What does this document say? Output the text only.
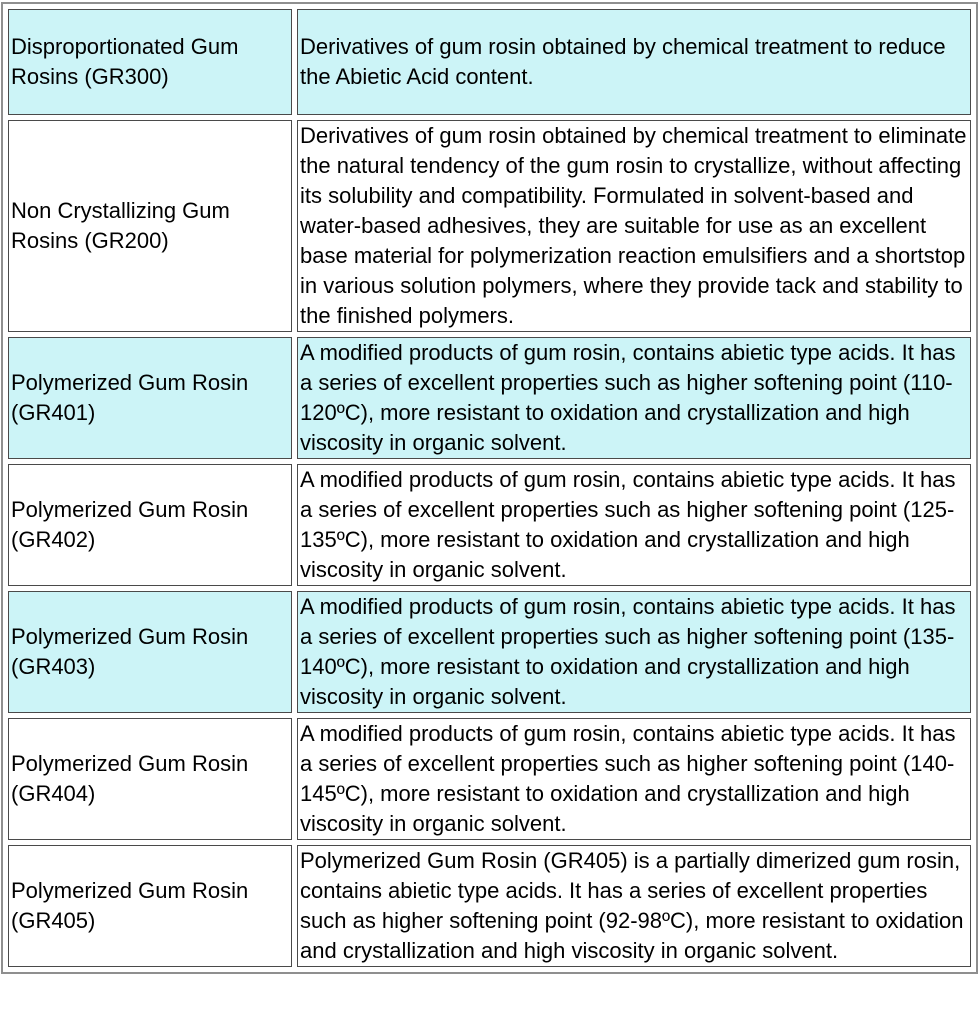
Disproportionated Gum Rosins (GR300)	Derivatives of gum rosin obtained by chemical treatment to reduce the Abietic Acid content.
Non Crystallizing Gum Rosins (GR200)	Derivatives of gum rosin obtained by chemical treatment to eliminate the natural tendency of the gum rosin to crystallize, without affecting its solubility and compatibility. Formulated in solvent-based and water-based adhesives, they are suitable for use as an excellent base material for polymerization reaction emulsifiers and a shortstop in various solution polymers, where they provide tack and stability to the finished polymers.
Polymerized Gum Rosin (GR401)	A modified products of gum rosin, contains abietic type acids. It has a series of excellent properties such as higher softening point (110-120ºC), more resistant to oxidation and crystallization and high viscosity in organic solvent.
Polymerized Gum Rosin (GR402)	A modified products of gum rosin, contains abietic type acids. It has a series of excellent properties such as higher softening point (125-135ºC), more resistant to oxidation and crystallization and high viscosity in organic solvent.
Polymerized Gum Rosin (GR403)	A modified products of gum rosin, contains abietic type acids. It has a series of excellent properties such as higher softening point (135-140ºC), more resistant to oxidation and crystallization and high viscosity in organic solvent.
Polymerized Gum Rosin (GR404)	A modified products of gum rosin, contains abietic type acids. It has a series of excellent properties such as higher softening point (140-145ºC), more resistant to oxidation and crystallization and high viscosity in organic solvent.
Polymerized Gum Rosin (GR405)	Polymerized Gum Rosin (GR405) is a partially dimerized gum rosin, contains abietic type acids. It has a series of excellent properties such as higher softening point (92-98ºC), more resistant to oxidation and crystallization and high viscosity in organic solvent.
